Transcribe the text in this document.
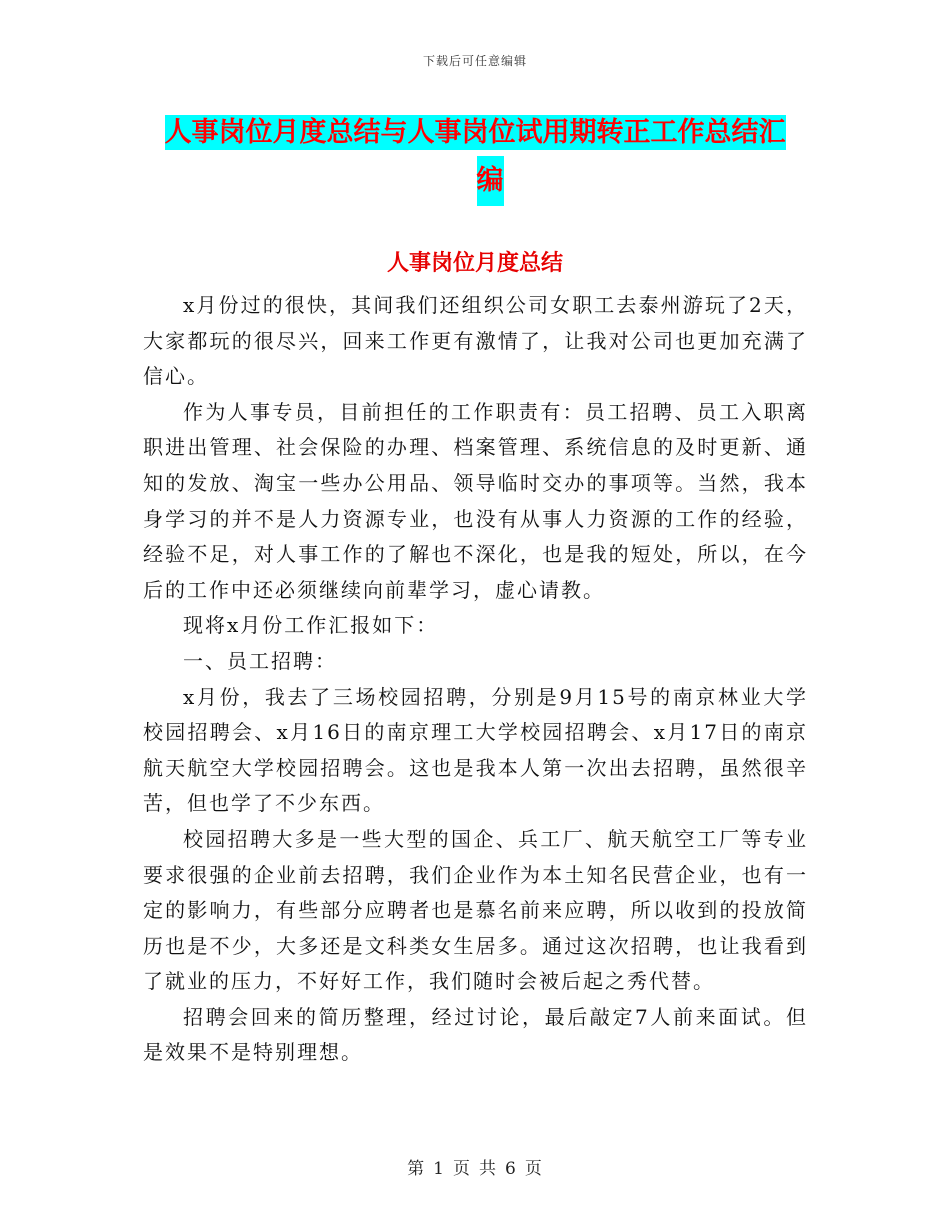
下载后可任意编辑
人事岗位月度总结与人事岗位试用期转正工作总结汇
编
人事岗位月度总结

x月份过的很快，其间我们还组织公司女职工去泰州游玩了2天，大家都玩的很尽兴，回来工作更有激情了，让我对公司也更加充满了信心。

作为人事专员，目前担任的工作职责有：员工招聘、员工入职离职进出管理、社会保险的办理、档案管理、系统信息的及时更新、通知的发放、淘宝一些办公用品、领导临时交办的事项等。当然，我本身学习的并不是人力资源专业，也没有从事人力资源的工作的经验，经验不足，对人事工作的了解也不深化，也是我的短处，所以，在今后的工作中还必须继续向前辈学习，虚心请教。

现将x月份工作汇报如下：

一、员工招聘：

x月份，我去了三场校园招聘，分别是9月15号的南京林业大学校园招聘会、x月16日的南京理工大学校园招聘会、x月17日的南京航天航空大学校园招聘会。这也是我本人第一次出去招聘，虽然很辛苦，但也学了不少东西。

校园招聘大多是一些大型的国企、兵工厂、航天航空工厂等专业要求很强的企业前去招聘，我们企业作为本土知名民营企业，也有一定的影响力，有些部分应聘者也是慕名前来应聘，所以收到的投放简历也是不少，大多还是文科类女生居多。通过这次招聘，也让我看到了就业的压力，不好好工作，我们随时会被后起之秀代替。

招聘会回来的简历整理，经过讨论，最后敲定7人前来面试。但是效果不是特别理想。

第 1 页 共 6 页
